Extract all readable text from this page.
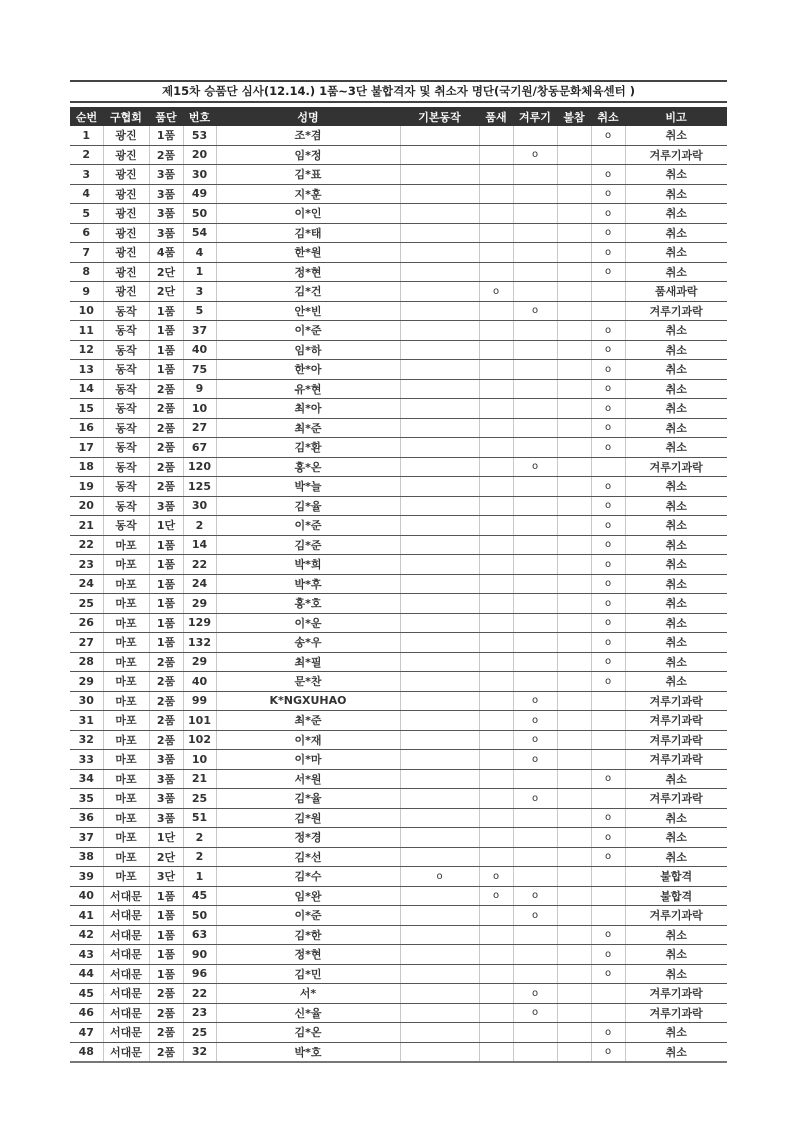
제15차 승품단 심사(12.14.) 1품~3단 불합격자 및 취소자 명단(국기원/창동문화체육센터 )
순번	구협회	품단	번호	성명	기본동작	품새	겨루기	불참	취소	비고
1	광진	1품	53	조*겸					o	취소
2	광진	2품	20	임*정			o			겨루기과락
3	광진	3품	30	김*표					o	취소
4	광진	3품	49	지*훈					o	취소
5	광진	3품	50	이*인					o	취소
6	광진	3품	54	김*태					o	취소
7	광진	4품	4	한*원					o	취소
8	광진	2단	1	정*현					o	취소
9	광진	2단	3	김*건		o				품새과락
10	동작	1품	5	안*빈			o			겨루기과락
11	동작	1품	37	이*준					o	취소
12	동작	1품	40	임*하					o	취소
13	동작	1품	75	한*아					o	취소
14	동작	2품	9	유*현					o	취소
15	동작	2품	10	최*아					o	취소
16	동작	2품	27	최*준					o	취소
17	동작	2품	67	김*환					o	취소
18	동작	2품	120	홍*온			o			겨루기과락
19	동작	2품	125	박*늘					o	취소
20	동작	3품	30	김*율					o	취소
21	동작	1단	2	이*준					o	취소
22	마포	1품	14	김*준					o	취소
23	마포	1품	22	박*희					o	취소
24	마포	1품	24	박*후					o	취소
25	마포	1품	29	홍*호					o	취소
26	마포	1품	129	이*운					o	취소
27	마포	1품	132	송*우					o	취소
28	마포	2품	29	최*필					o	취소
29	마포	2품	40	문*찬					o	취소
30	마포	2품	99	K*NGXUHAO			o			겨루기과락
31	마포	2품	101	최*준			o			겨루기과락
32	마포	2품	102	이*재			o			겨루기과락
33	마포	3품	10	이*마			o			겨루기과락
34	마포	3품	21	서*원					o	취소
35	마포	3품	25	김*율			o			겨루기과락
36	마포	3품	51	김*원					o	취소
37	마포	1단	2	정*경					o	취소
38	마포	2단	2	김*선					o	취소
39	마포	3단	1	김*수	o	o				불합격
40	서대문	1품	45	임*완		o	o			불합격
41	서대문	1품	50	이*준			o			겨루기과락
42	서대문	1품	63	김*한					o	취소
43	서대문	1품	90	정*현					o	취소
44	서대문	1품	96	김*민					o	취소
45	서대문	2품	22	서*			o			겨루기과락
46	서대문	2품	23	신*율			o			겨루기과락
47	서대문	2품	25	김*온					o	취소
48	서대문	2품	32	박*호					o	취소
